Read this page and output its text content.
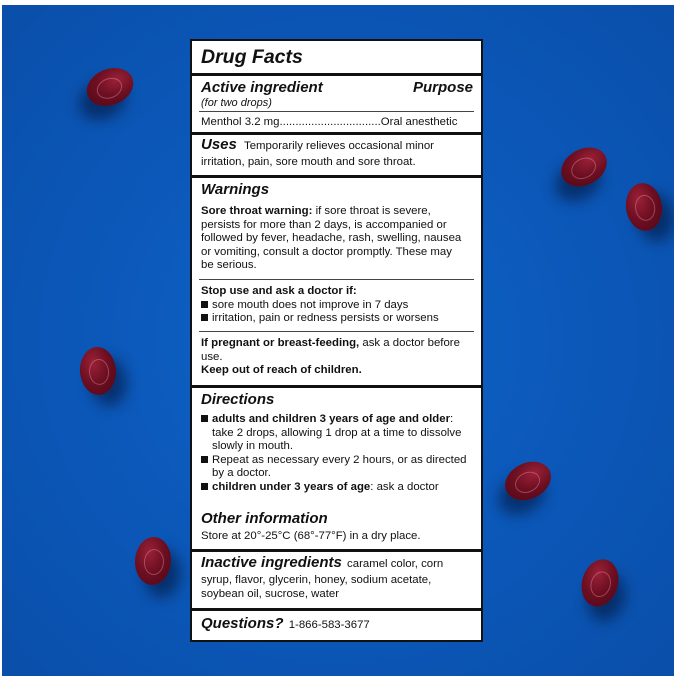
Drug Facts
Active ingredient	Purpose
(for two drops)
Menthol 3.2 mg................................Oral anesthetic
Uses Temporarily relieves occasional minor
irritation, pain, sore mouth and sore throat.
Warnings
Sore throat warning: if sore throat is severe,
persists for more than 2 days, is accompanied or
followed by fever, headache, rash, swelling, nausea
or vomiting, consult a doctor promptly. These may
be serious.
Stop use and ask a doctor if:
sore mouth does not improve in 7 days
irritation, pain or redness persists or worsens
If pregnant or breast-feeding, ask a doctor before
use.
Keep out of reach of children.
Directions
adults and children 3 years of age and older:
take 2 drops, allowing 1 drop at a time to dissolve
slowly in mouth.
Repeat as necessary every 2 hours, or as directed
by a doctor.
children under 3 years of age: ask a doctor
Other information
Store at 20°-25°C (68°-77°F) in a dry place.
Inactive ingredients caramel color, corn
syrup, flavor, glycerin, honey, sodium acetate,
soybean oil, sucrose, water
Questions? 1-866-583-3677
